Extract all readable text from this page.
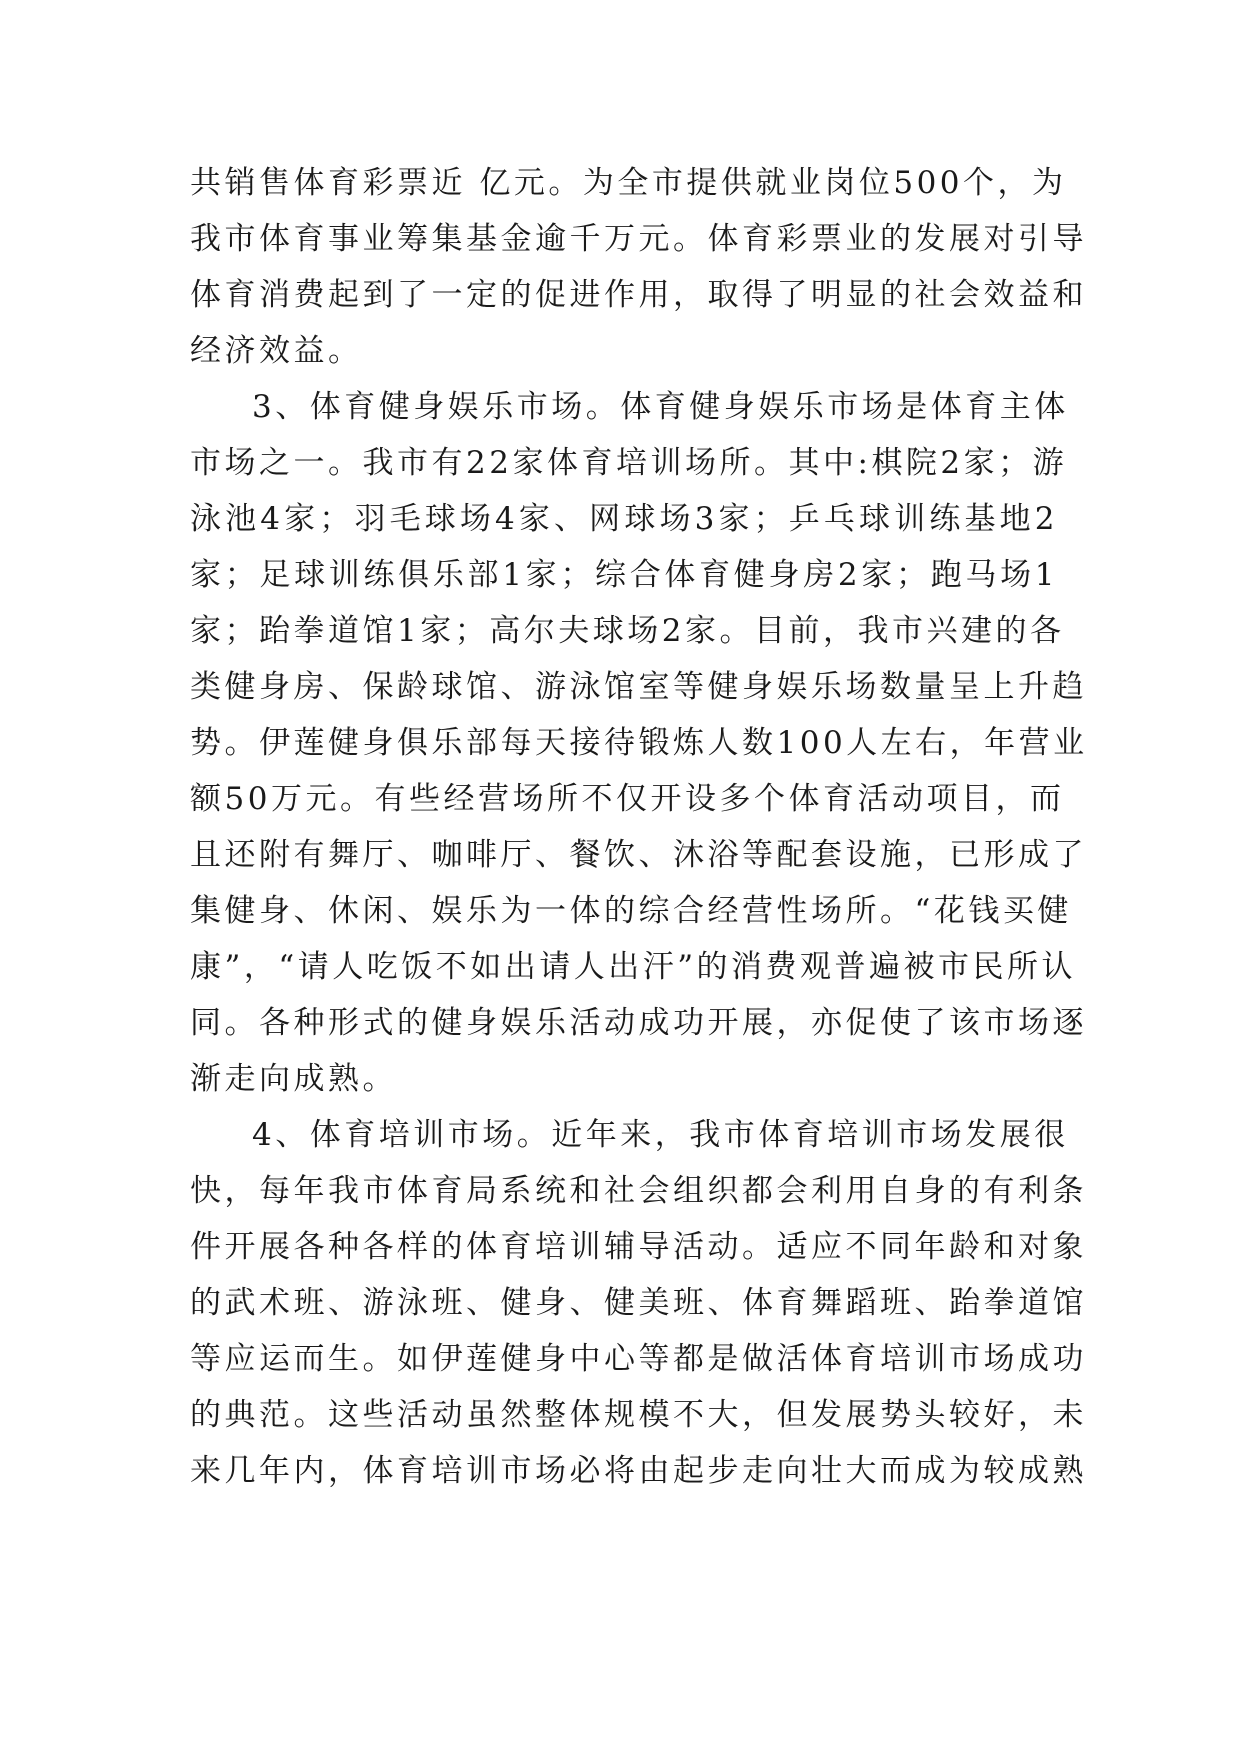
共销售体育彩票近 亿元。为全市提供就业岗位500个，为
我市体育事业筹集基金逾千万元。体育彩票业的发展对引导
体育消费起到了一定的促进作用，取得了明显的社会效益和
经济效益。

3、体育健身娱乐市场。体育健身娱乐市场是体育主体
市场之一。我市有22家体育培训场所。其中:棋院2家；游
泳池4家；羽毛球场4家、网球场3家；乒乓球训练基地2
家；足球训练俱乐部1家；综合体育健身房2家；跑马场1
家；跆拳道馆1家；高尔夫球场2家。目前，我市兴建的各
类健身房、保龄球馆、游泳馆室等健身娱乐场数量呈上升趋
势。伊莲健身俱乐部每天接待锻炼人数100人左右，年营业
额50万元。有些经营场所不仅开设多个体育活动项目，而
且还附有舞厅、咖啡厅、餐饮、沐浴等配套设施，已形成了
集健身、休闲、娱乐为一体的综合经营性场所。“花钱买健
康”，“请人吃饭不如出请人出汗”的消费观普遍被市民所认
同。各种形式的健身娱乐活动成功开展，亦促使了该市场逐
渐走向成熟。

4、体育培训市场。近年来，我市体育培训市场发展很
快，每年我市体育局系统和社会组织都会利用自身的有利条
件开展各种各样的体育培训辅导活动。适应不同年龄和对象
的武术班、游泳班、健身、健美班、体育舞蹈班、跆拳道馆
等应运而生。如伊莲健身中心等都是做活体育培训市场成功
的典范。这些活动虽然整体规模不大，但发展势头较好，未
来几年内，体育培训市场必将由起步走向壮大而成为较成熟
